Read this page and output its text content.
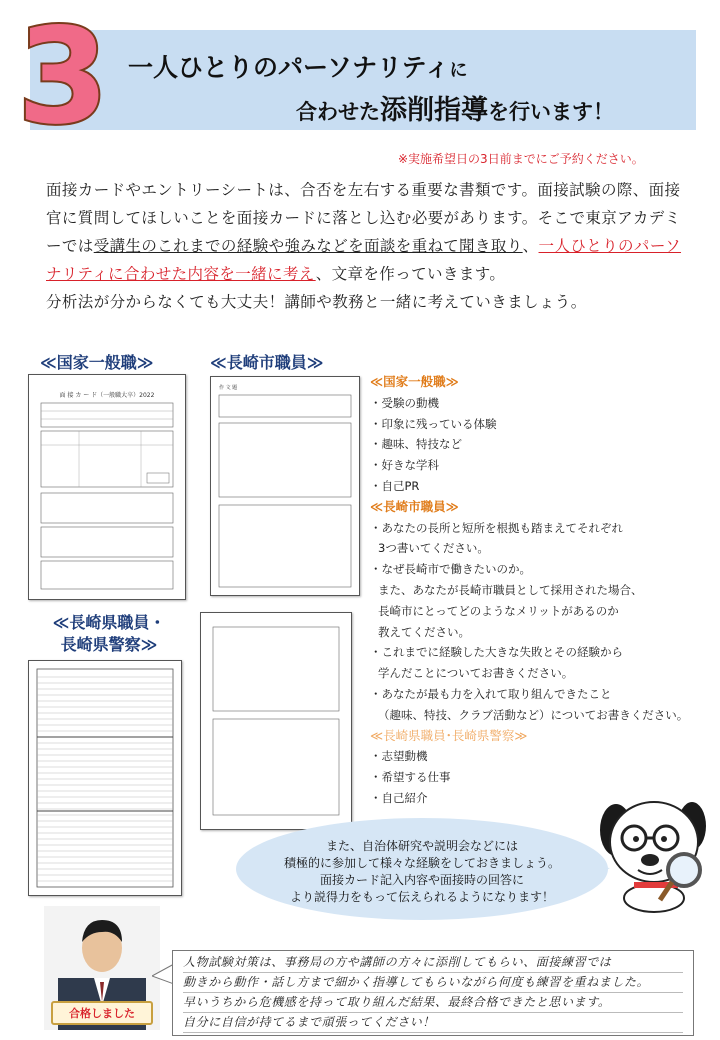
3 一人ひとりのパーソナリティに
合わせた添削指導を行います！
※実施希望日の3日前までにご予約ください。
面接カードやエントリーシートは、合否を左右する重要な書類です。面接試験の際、面接官に質問してほしいことを面接カードに落とし込む必要があります。そこで東京アカデミーでは受講生のこれまでの経験や強みなどを面談を重ねて聞き取り、一人ひとりのパーソナリティに合わせた内容を一緒に考え、文章を作っていきます。
分析法が分からなくても大丈夫！講師や教務と一緒に考えていきましょう。
≪国家一般職≫	≪長崎市職員≫
≪長崎県職員・
長崎県警察≫
面 接 カ ー ド（一般職大卒）2022
作 文 題	≪国家一般職≫
・受験の動機
・印象に残っている体験
・趣味、特技など
・好きな学科
・自己PR
≪長崎市職員≫
・あなたの長所と短所を根拠も踏まえてそれぞれ
3つ書いてください。
・なぜ長崎市で働きたいのか。
また、あなたが長崎市職員として採用された場合、
長崎市にとってどのようなメリットがあるのか
教えてください。
・これまでに経験した大きな失敗とその経験から
学んだことについてお書きください。
・あなたが最も力を入れて取り組んできたこと
（趣味、特技、クラブ活動など）についてお書きください。
≪長崎県職員･長崎県警察≫
・志望動機
・希望する仕事
・自己紹介
また、自治体研究や説明会などには
積極的に参加して様々な経験をしておきましょう。
面接カード記入内容や面接時の回答に
より説得力をもって伝えられるようになります！
合格しました
人物試験対策は、事務局の方や講師の方々に添削してもらい、面接練習では
動きから動作・話し方まで細かく指導してもらいながら何度も練習を重ねました。
早いうちから危機感を持って取り組んだ結果、最終合格できたと思います。
自分に自信が持てるまで頑張ってください！
